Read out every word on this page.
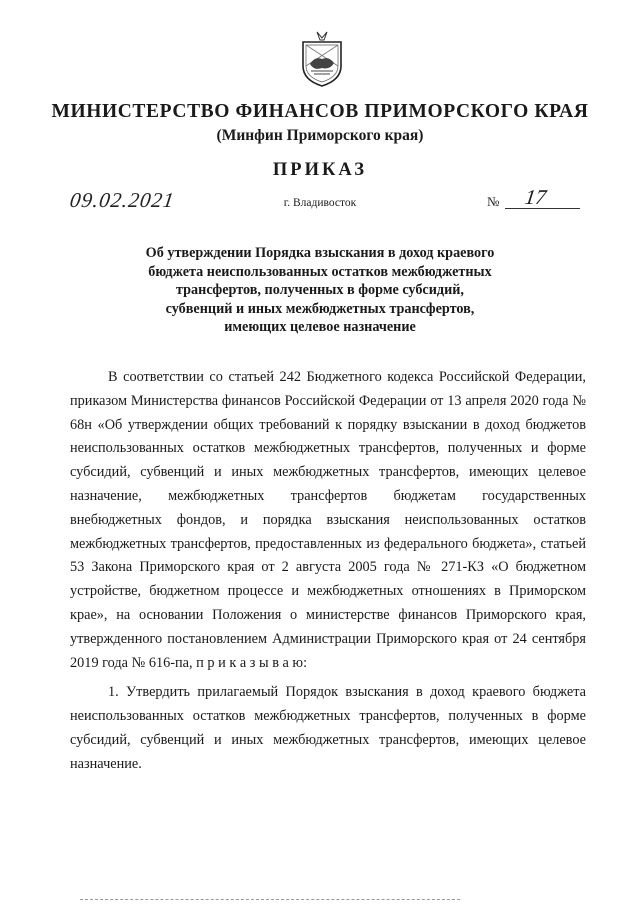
МИНИСТЕРСТВО ФИНАНСОВ ПРИМОРСКОГО КРАЯ
(Минфин Приморского края)
ПРИКАЗ
09.02.2021	г. Владивосток	№ 17
Об утверждении Порядка взыскания в доход краевого
бюджета неиспользованных остатков межбюджетных
трансфертов, полученных в форме субсидий,
субвенций и иных межбюджетных трансфертов,
имеющих целевое назначение

В соответствии со статьей 242 Бюджетного кодекса Российской Федерации, приказом Министерства финансов Российской Федерации от 13 апреля 2020 года № 68н «Об утверждении общих требований к порядку взыскании в доход бюджетов неиспользованных остатков межбюджетных трансфертов, полученных и форме субсидий, субвенций и иных межбюджетных трансфертов, имеющих целевое назначение, межбюджетных трансфертов бюджетам государственных внебюджетных фондов, и порядка взыскания неиспользованных остатков межбюджетных трансфертов, предоставленных из федерального бюджета», статьей 53 Закона Приморского края от 2 августа 2005 года № 271-КЗ «О бюджетном устройстве, бюджетном процессе и межбюджетных отношениях в Приморском крае», на основании Положения о министерстве финансов Приморского края, утвержденного постановлением Администрации Приморского края от 24 сентября 2019 года № 616-па, п р и к а з ы в а ю:

1. Утвердить прилагаемый Порядок взыскания в доход краевого бюджета неиспользованных остатков межбюджетных трансфертов, полученных в форме субсидий, субвенций и иных межбюджетных трансфертов, имеющих целевое назначение.
